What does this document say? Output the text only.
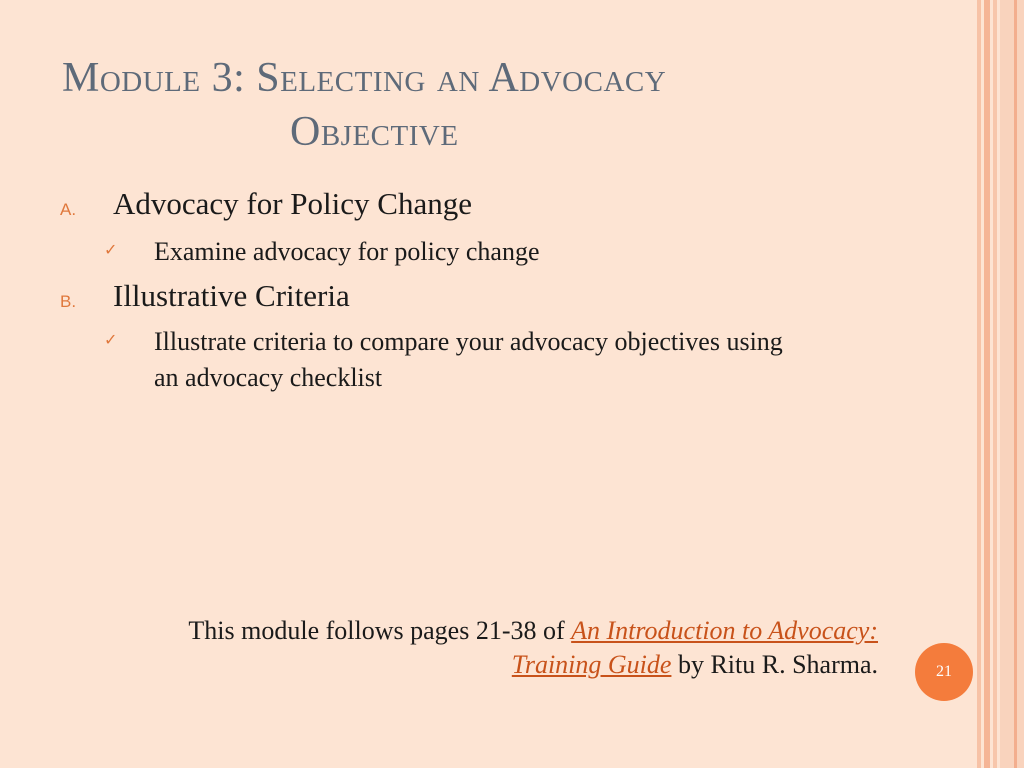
Module 3: Selecting an Advocacy
Objective
A. Advocacy for Policy Change
✓ Examine advocacy for policy change
B. Illustrative Criteria
✓ Illustrate criteria to compare your advocacy objectives using an advocacy checklist
This module follows pages 21-38 of An Introduction to Advocacy: Training Guide by Ritu R. Sharma.	21
